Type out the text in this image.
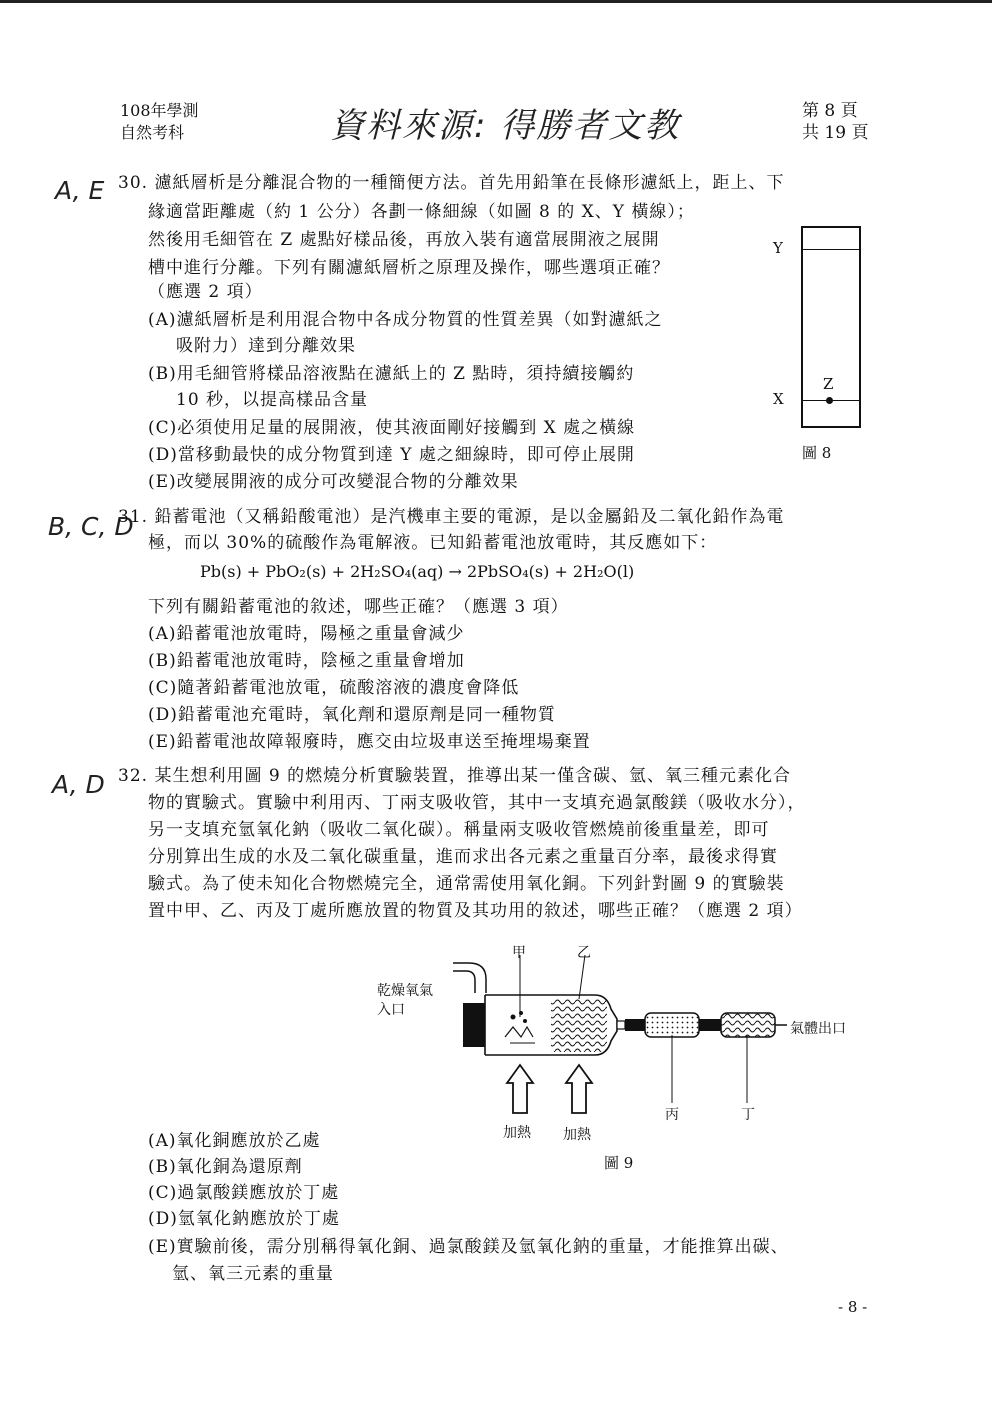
108年學測
自然考科	資料來源: 得勝者文教	第 8 頁
共 19 頁
A, E 30. 濾紙層析是分離混合物的一種簡便方法。首先用鉛筆在長條形濾紙上，距上、下
緣適當距離處（約 1 公分）各劃一條細線（如圖 8 的 X、Y 橫線）；
然後用毛細管在 Z 處點好樣品後，再放入裝有適當展開液之展開
槽中進行分離。下列有關濾紙層析之原理及操作，哪些選項正確？
（應選 2 項）
(A)濾紙層析是利用混合物中各成分物質的性質差異（如對濾紙之
吸附力）達到分離效果
(B)用毛細管將樣品溶液點在濾紙上的 Z 點時，須持續接觸約
10 秒，以提高樣品含量
(C)必須使用足量的展開液，使其液面剛好接觸到 X 處之橫線
(D)當移動最快的成分物質到達 Y 處之細線時，即可停止展開
(E)改變展開液的成分可改變混合物的分離效果
Y
X
Z
圖 8
B, C, D
31. 鉛蓄電池（又稱鉛酸電池）是汽機車主要的電源，是以金屬鉛及二氧化鉛作為電
極，而以 30%的硫酸作為電解液。已知鉛蓄電池放電時，其反應如下：
Pb(s) + PbO₂(s) + 2H₂SO₄(aq) → 2PbSO₄(s) + 2H₂O(l)
下列有關鉛蓄電池的敘述，哪些正確？（應選 3 項）
(A)鉛蓄電池放電時，陽極之重量會減少
(B)鉛蓄電池放電時，陰極之重量會增加
(C)隨著鉛蓄電池放電，硫酸溶液的濃度會降低
(D)鉛蓄電池充電時，氧化劑和還原劑是同一種物質
(E)鉛蓄電池故障報廢時，應交由垃圾車送至掩埋場棄置
A, D 32. 某生想利用圖 9 的燃燒分析實驗裝置，推導出某一僅含碳、氫、氧三種元素化合
物的實驗式。實驗中利用丙、丁兩支吸收管，其中一支填充過氯酸鎂（吸收水分），
另一支填充氫氧化鈉（吸收二氧化碳）。稱量兩支吸收管燃燒前後重量差，即可
分別算出生成的水及二氧化碳重量，進而求出各元素之重量百分率，最後求得實
驗式。為了使未知化合物燃燒完全，通常需使用氧化銅。下列針對圖 9 的實驗裝
置中甲、乙、丙及丁處所應放置的物質及其功用的敘述，哪些正確？（應選 2 項）
甲	乙
乾燥氧氣
入口
氣體出口
丙	丁
加熱 加熱
圖 9
(A)氧化銅應放於乙處
(B)氧化銅為還原劑
(C)過氯酸鎂應放於丁處
(D)氫氧化鈉應放於丁處
(E)實驗前後，需分別稱得氧化銅、過氯酸鎂及氫氧化鈉的重量，才能推算出碳、
氫、氧三元素的重量
- 8 -
